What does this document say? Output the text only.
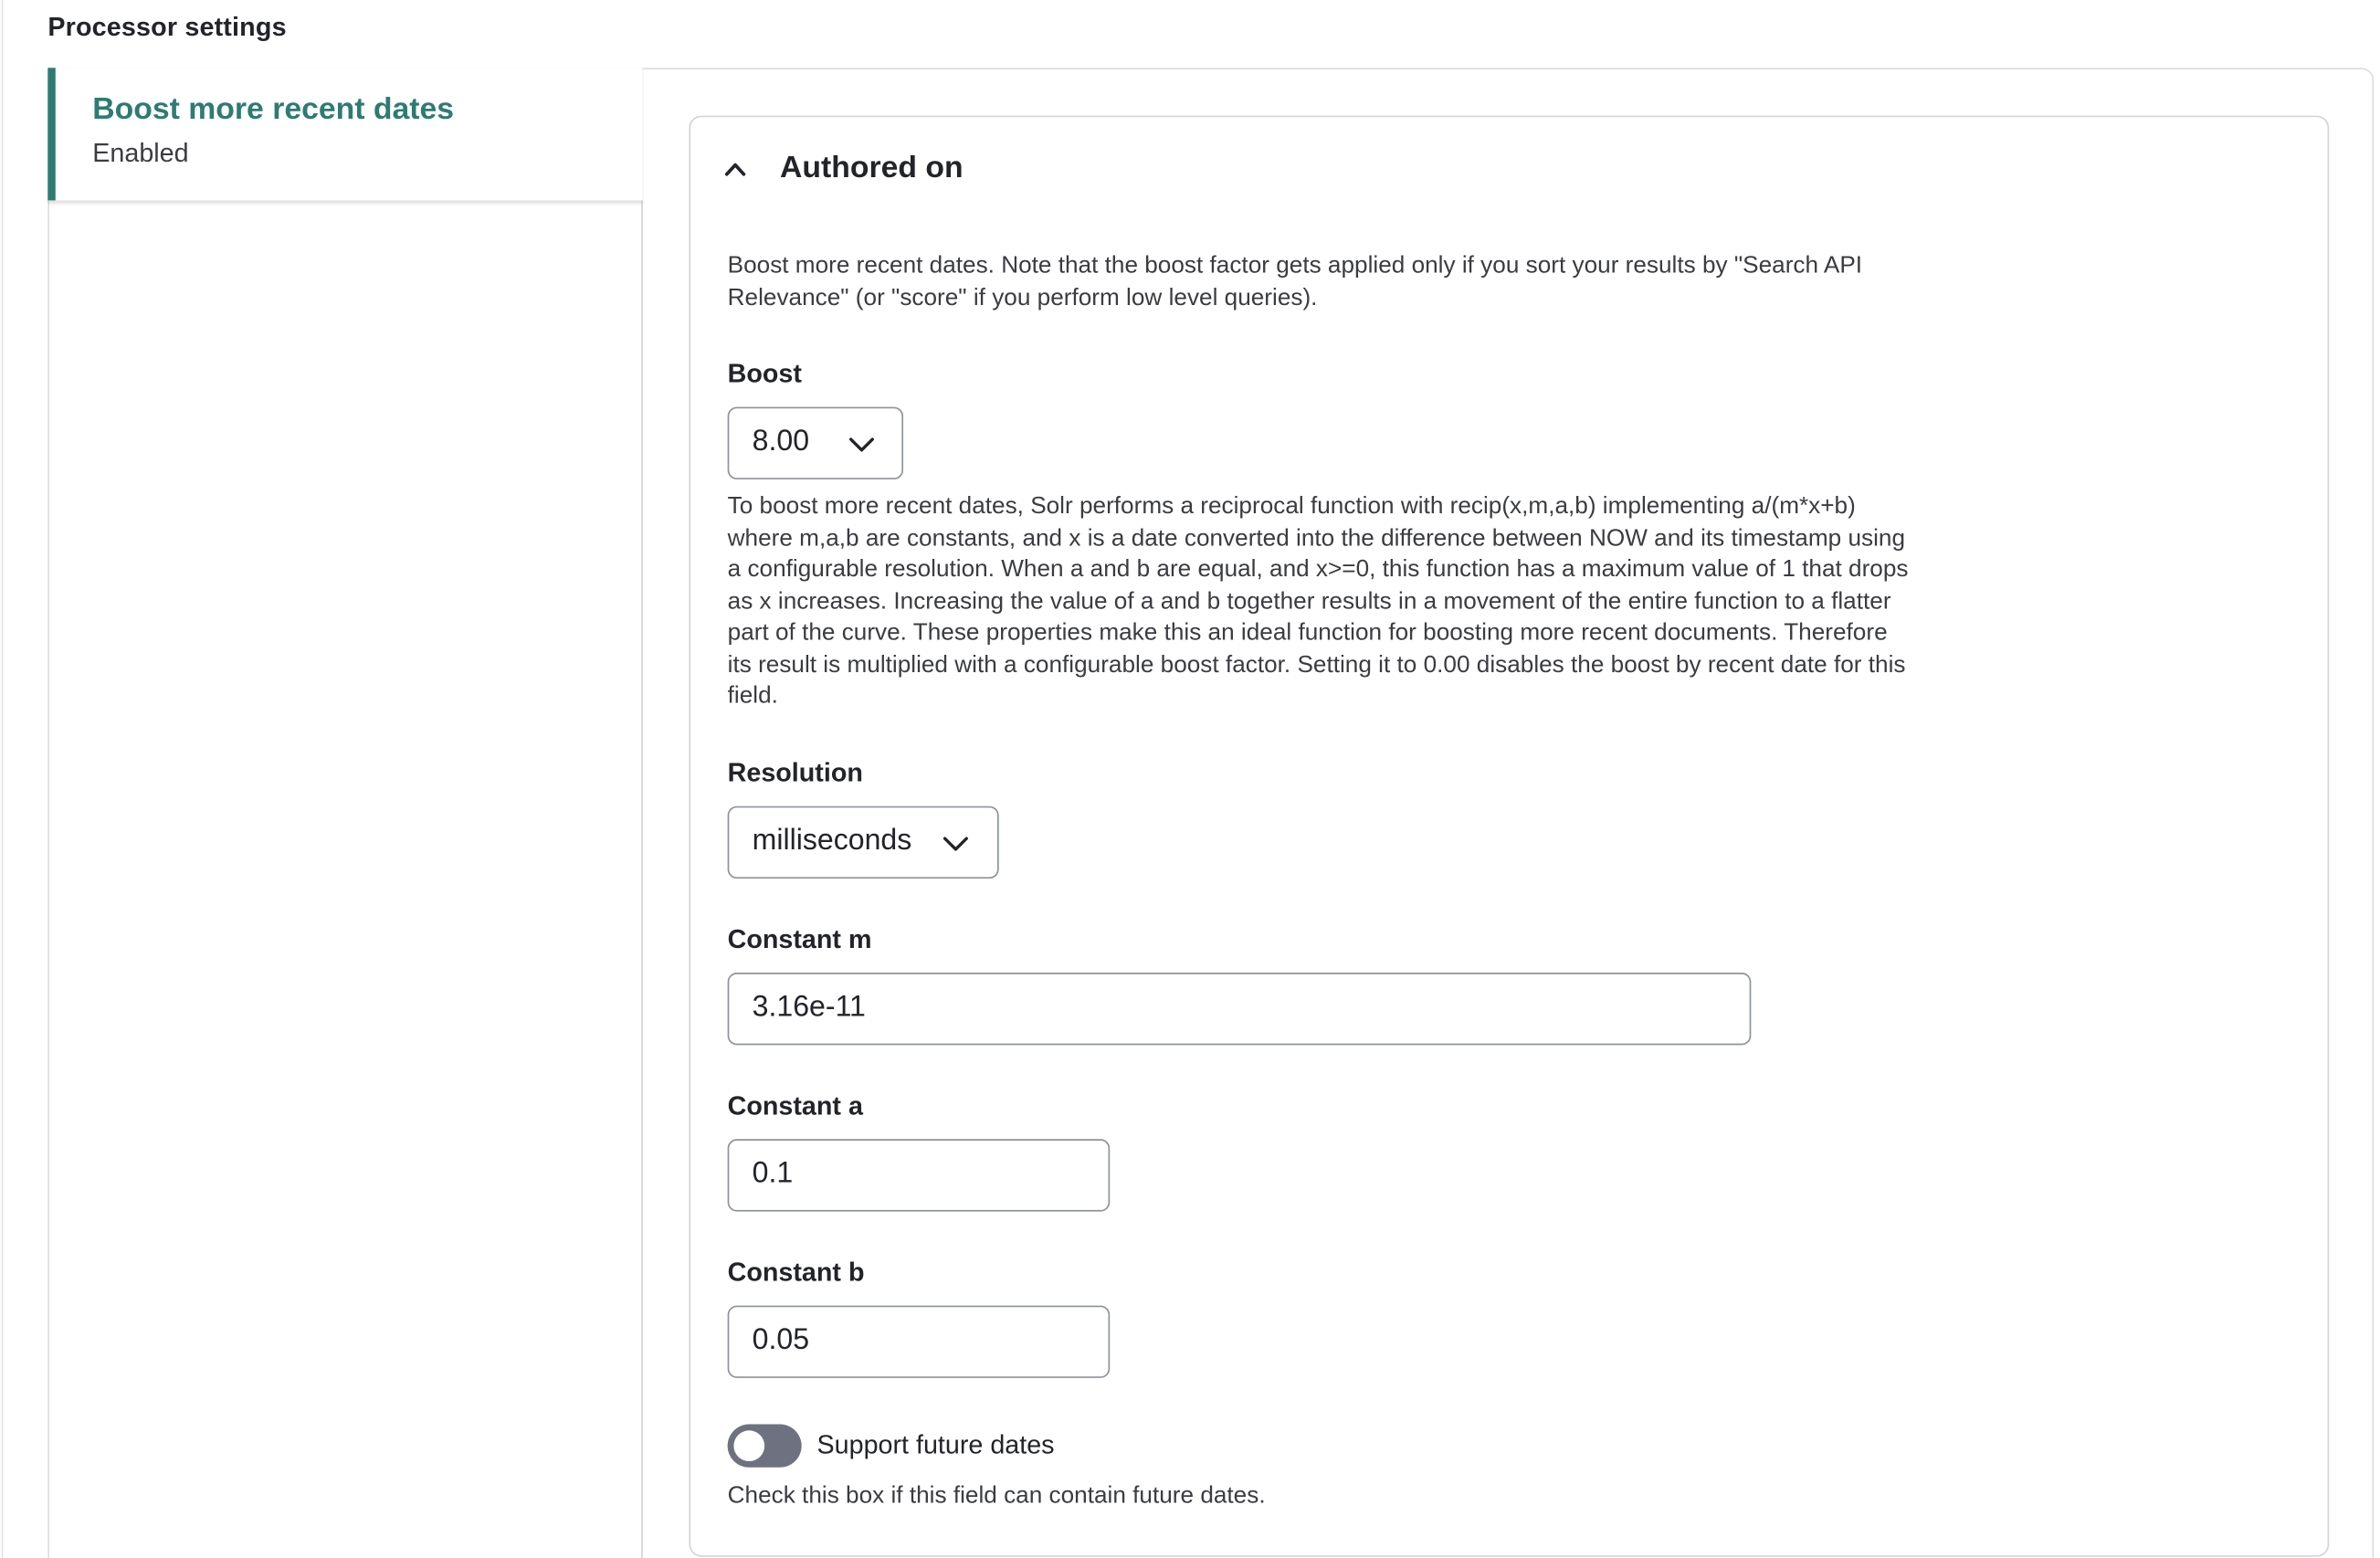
Processor settings
Boost more recent dates
Enabled	Authored on
Boost more recent dates. Note that the boost factor gets applied only if you sort your results by "Search API Relevance" (or "score" if you perform low level queries).
Boost
8.00
To boost more recent dates, Solr performs a reciprocal function with recip(x,m,a,b) implementing a/(m*x+b) where m,a,b are constants, and x is a date converted into the difference between NOW and its timestamp using a configurable resolution. When a and b are equal, and x>=0, this function has a maximum value of 1 that drops as x increases. Increasing the value of a and b together results in a movement of the entire function to a flatter part of the curve. These properties make this an ideal function for boosting more recent documents. Therefore its result is multiplied with a configurable boost factor. Setting it to 0.00 disables the boost by recent date for this field.
Resolution
milliseconds
Constant m
3.16e-11
Constant a
0.1
Constant b
0.05
Support future dates
Check this box if this field can contain future dates.
